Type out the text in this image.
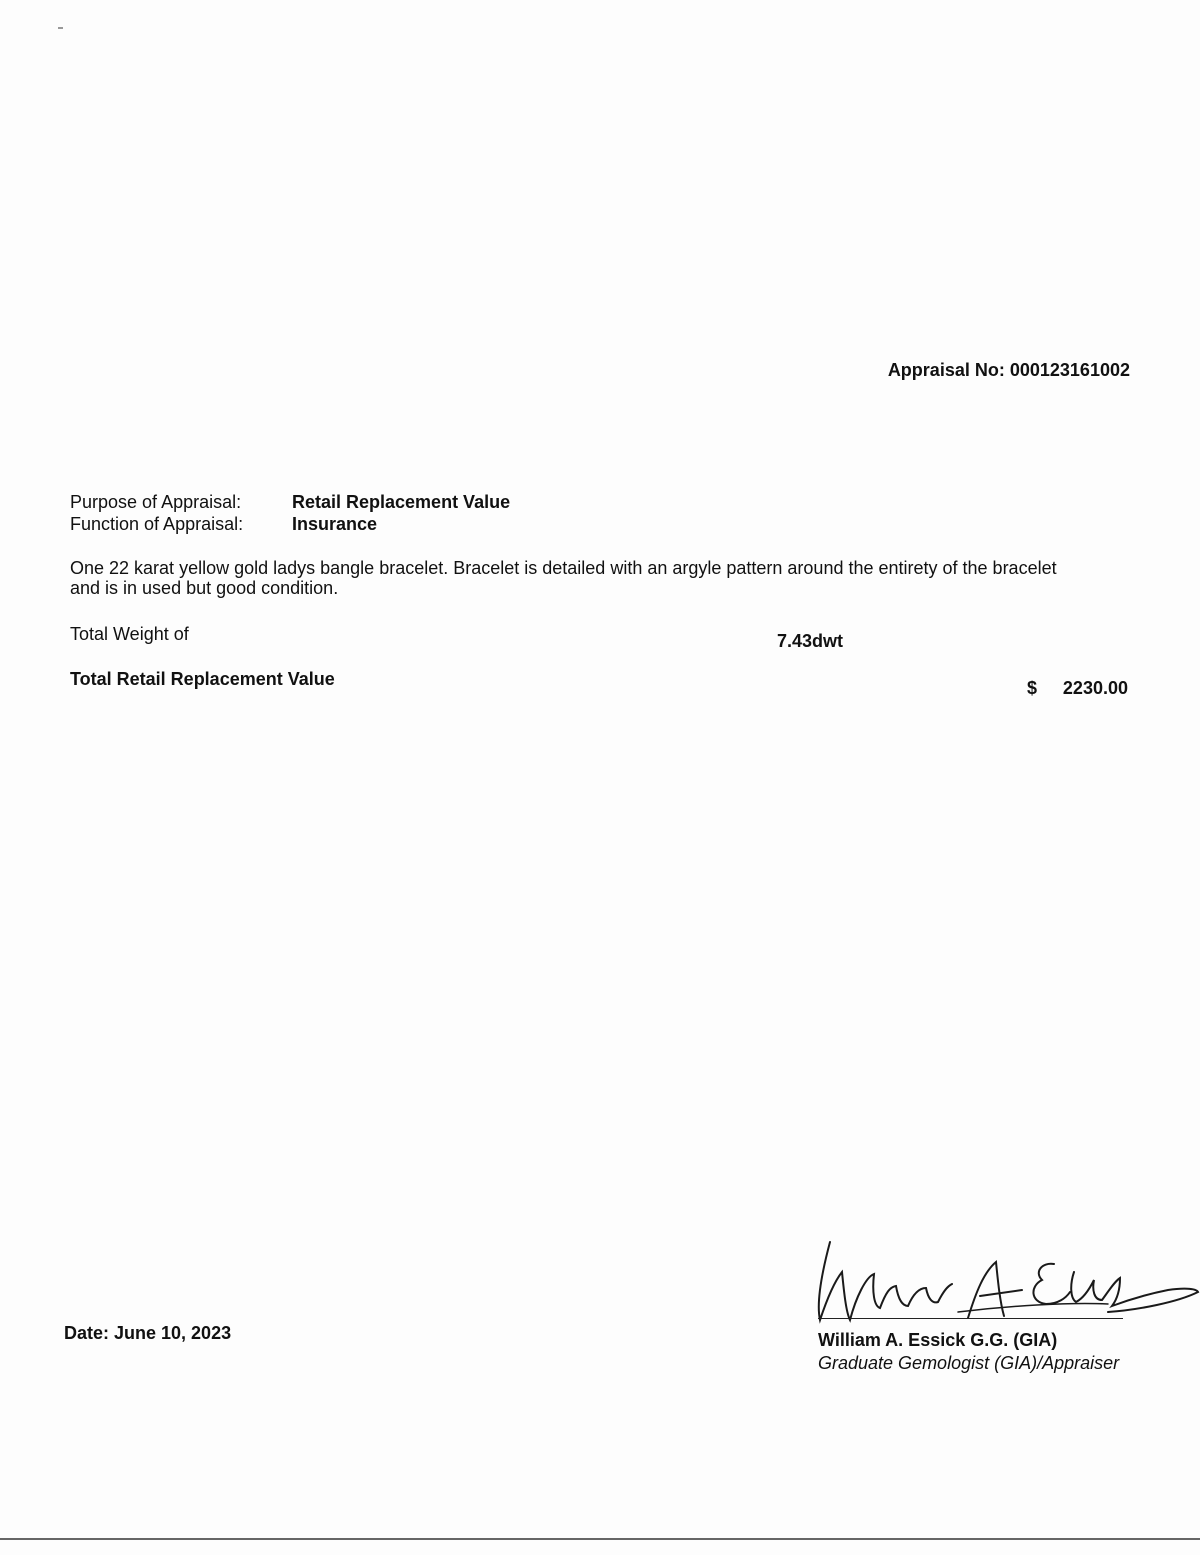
Appraisal No: 000123161002
Purpose of Appraisal:	Retail Replacement Value
Function of Appraisal:	Insurance
One 22 karat yellow gold ladys bangle bracelet. Bracelet is detailed with an argyle pattern around the entirety of the bracelet and is in used but good condition.
Total Weight of	7.43dwt
Total Retail Replacement Value	$ 2230.00
Date: June 10, 2023	William A. Essick G.G. (GIA)
Graduate Gemologist (GIA)/Appraiser
